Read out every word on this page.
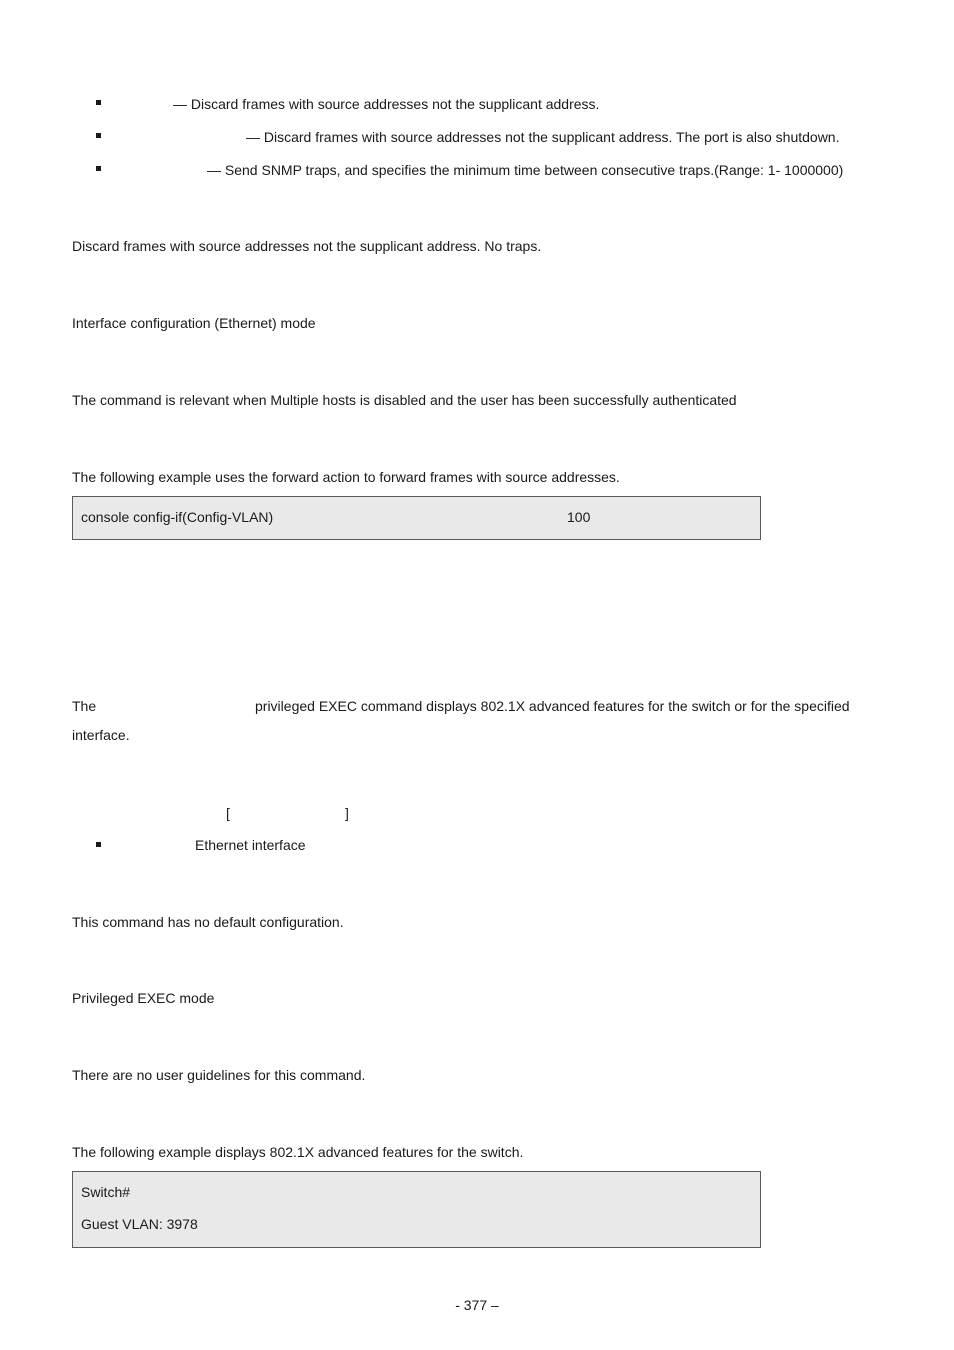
— Discard frames with source addresses not the supplicant address.
— Discard frames with source addresses not the supplicant address. The port is also shutdown.
— Send SNMP traps, and specifies the minimum time between consecutive traps.(Range: 1- 1000000)
Discard frames with source addresses not the supplicant address. No traps.
Interface configuration (Ethernet) mode
The command is relevant when Multiple hosts is disabled and the user has been successfully authenticated
The following example uses the forward action to forward frames with source addresses.
console config-if(Config-VLAN)	100
The	privileged EXEC command displays 802.1X advanced features for the switch or for the specified
interface.
[	]
Ethernet interface
This command has no default configuration.
Privileged EXEC mode
There are no user guidelines for this command.
The following example displays 802.1X advanced features for the switch.
Switch#
Guest VLAN: 3978
- 377 –
